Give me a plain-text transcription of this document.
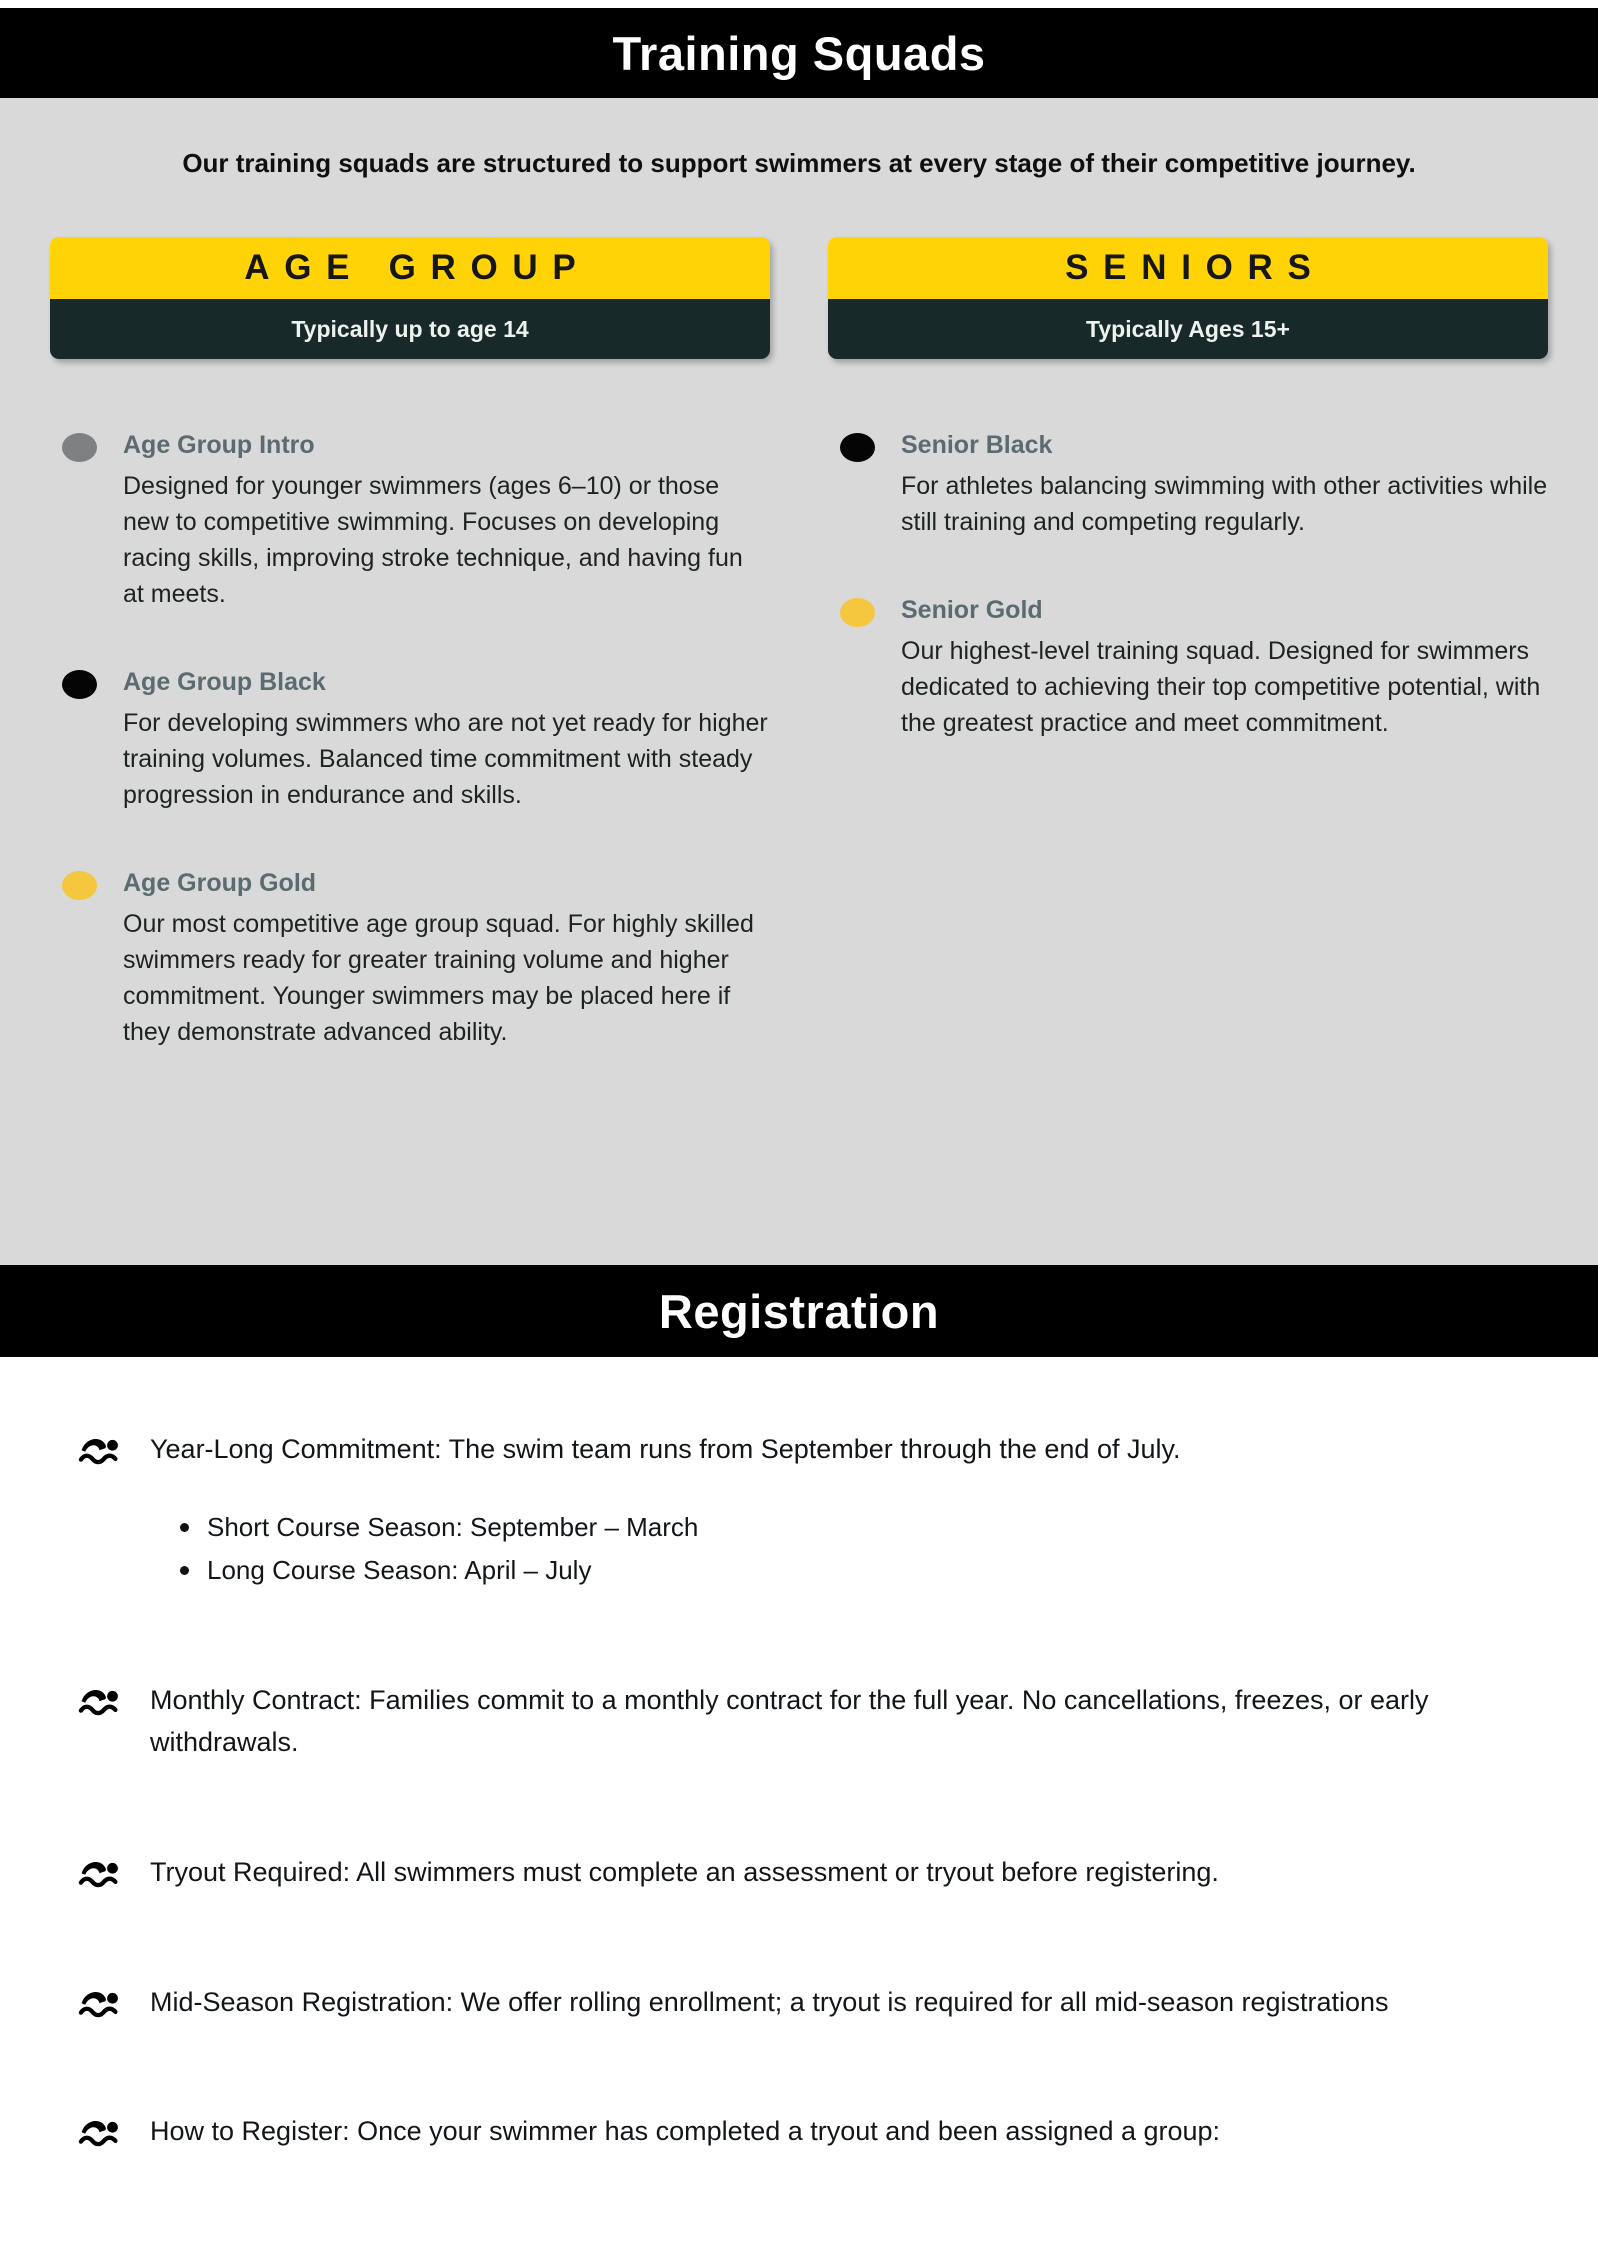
Training Squads

Our training squads are structured to support swimmers at every stage of their competitive journey.

AGE GROUP
Typically up to age 14
Age Group Intro
Designed for younger swimmers (ages 6–10) or those new to competitive swimming. Focuses on developing racing skills, improving stroke technique, and having fun at meets.
Age Group Black
For developing swimmers who are not yet ready for higher training volumes. Balanced time commitment with steady progression in endurance and skills.
Age Group Gold
Our most competitive age group squad. For highly skilled swimmers ready for greater training volume and higher commitment. Younger swimmers may be placed here if they demonstrate advanced ability.
SENIORS
Typically Ages 15+
Senior Black
For athletes balancing swimming with other activities while still training and competing regularly.
Senior Gold
Our highest-level training squad. Designed for swimmers dedicated to achieving their top competitive potential, with the greatest practice and meet commitment.
Registration
Year-Long Commitment: The swim team runs from September through the end of July.
Short Course Season: September – March
Long Course Season: April – July
Monthly Contract: Families commit to a monthly contract for the full year. No cancellations, freezes, or early withdrawals.
Tryout Required: All swimmers must complete an assessment or tryout before registering.
Mid-Season Registration: We offer rolling enrollment; a tryout is required for all mid-season registrations
How to Register: Once your swimmer has completed a tryout and been assigned a group:
